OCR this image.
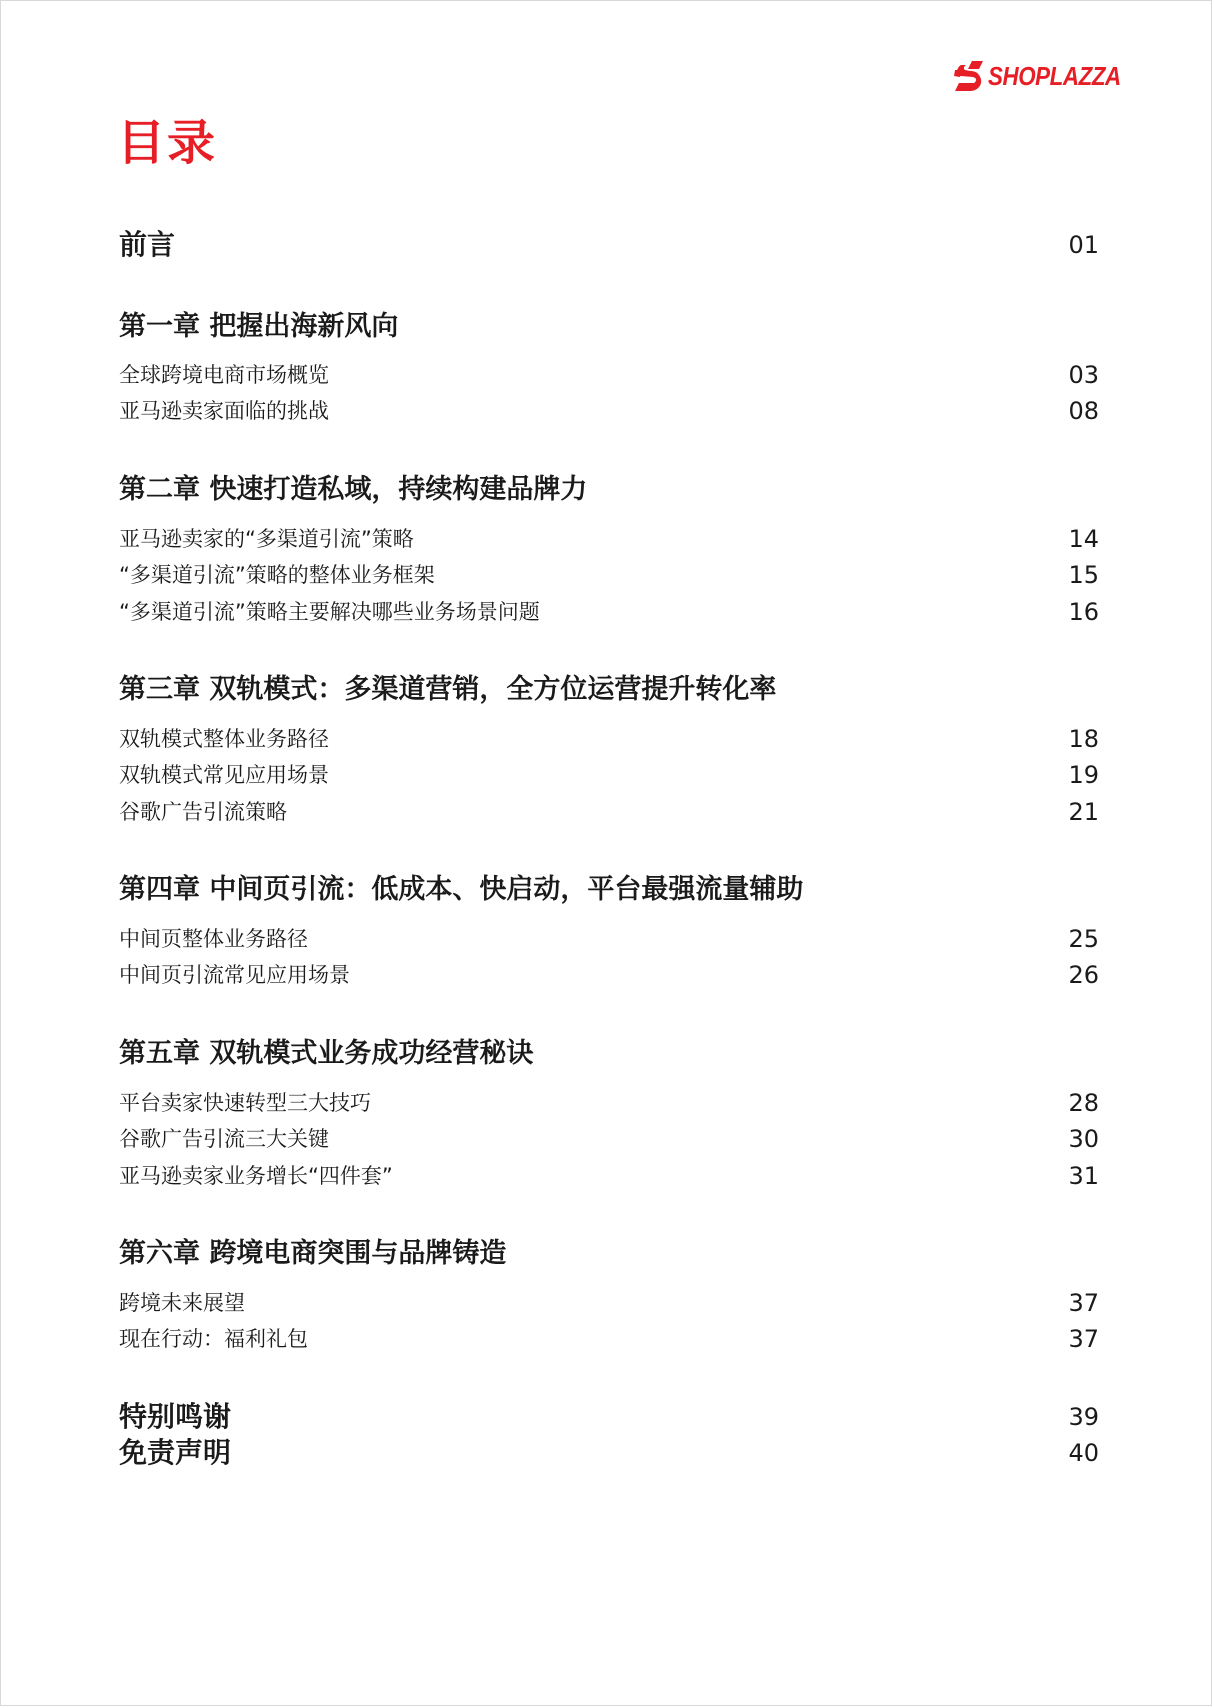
SHOPLAZZA
目录
前言	01
第一章 把握出海新风向
全球跨境电商市场概览	03
亚马逊卖家面临的挑战	08
第二章 快速打造私域，持续构建品牌力
亚马逊卖家的“多渠道引流”策略	14
“多渠道引流”策略的整体业务框架	15
“多渠道引流”策略主要解决哪些业务场景问题	16
第三章 双轨模式：多渠道营销，全方位运营提升转化率
双轨模式整体业务路径	18
双轨模式常见应用场景	19
谷歌广告引流策略	21
第四章 中间页引流：低成本、快启动，平台最强流量辅助
中间页整体业务路径	25
中间页引流常见应用场景	26
第五章 双轨模式业务成功经营秘诀
平台卖家快速转型三大技巧	28
谷歌广告引流三大关键	30
亚马逊卖家业务增长“四件套”	31
第六章 跨境电商突围与品牌铸造
跨境未来展望	37
现在行动：福利礼包	37
特别鸣谢	39
免责声明	40
